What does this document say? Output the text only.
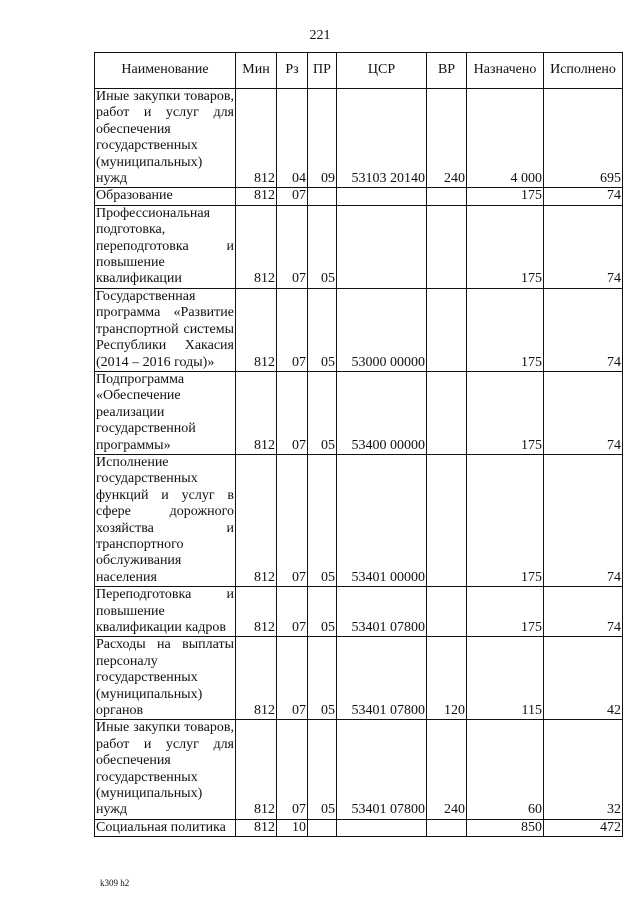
221
Наименование	Мин	Рз	ПР	ЦСР	ВР	Назначено	Исполнено
Иные закупки товаров, работ и услуг для обеспечения государственных (муниципальных) нужд	812	04	09	53103 20140	240	4 000	695
Образование	812	07				175	74
Профессиональная подготовка, переподготовка и повышение квалификации	812	07	05			175	74
Государственная программа «Развитие транспортной системы Республики Хакасия (2014 – 2016 годы)»	812	07	05	53000 00000		175	74
Подпрограмма «Обеспечение реализации государственной программы»	812	07	05	53400 00000		175	74
Исполнение государственных функций и услуг в сфере дорожного хозяйства и транспортного обслуживания населения	812	07	05	53401 00000		175	74
Переподготовка и повышение квалификации кадров	812	07	05	53401 07800		175	74
Расходы на выплаты персоналу государственных (муниципальных) органов	812	07	05	53401 07800	120	115	42
Иные закупки товаров, работ и услуг для обеспечения государственных (муниципальных) нужд	812	07	05	53401 07800	240	60	32
Социальная политика	812	10				850	472
k309 h2
